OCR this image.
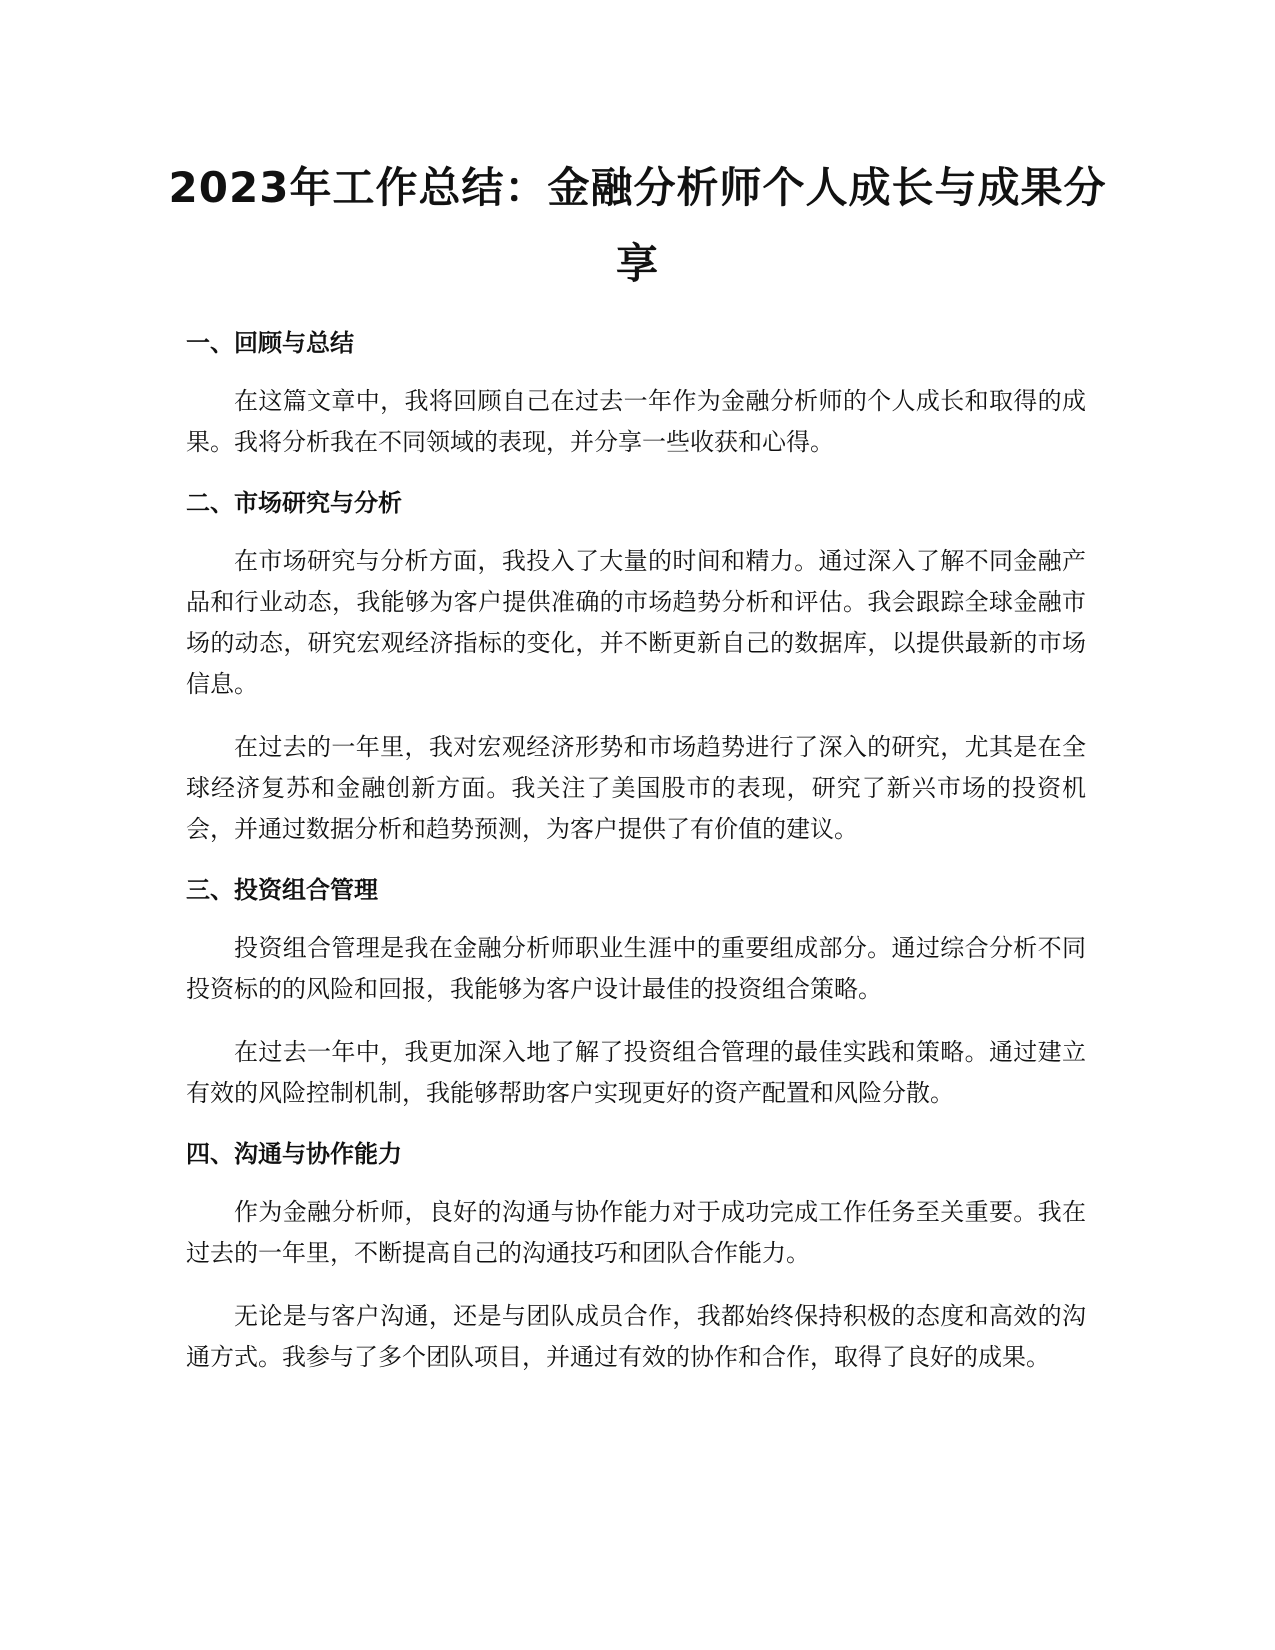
2023年工作总结：金融分析师个人成长与成果分享
一、回顾与总结

在这篇文章中，我将回顾自己在过去一年作为金融分析师的个人成长和取得的成果。我将分析我在不同领域的表现，并分享一些收获和心得。

二、市场研究与分析

在市场研究与分析方面，我投入了大量的时间和精力。通过深入了解不同金融产品和行业动态，我能够为客户提供准确的市场趋势分析和评估。我会跟踪全球金融市场的动态，研究宏观经济指标的变化，并不断更新自己的数据库，以提供最新的市场信息。

在过去的一年里，我对宏观经济形势和市场趋势进行了深入的研究，尤其是在全球经济复苏和金融创新方面。我关注了美国股市的表现，研究了新兴市场的投资机会，并通过数据分析和趋势预测，为客户提供了有价值的建议。

三、投资组合管理

投资组合管理是我在金融分析师职业生涯中的重要组成部分。通过综合分析不同投资标的的风险和回报，我能够为客户设计最佳的投资组合策略。

在过去一年中，我更加深入地了解了投资组合管理的最佳实践和策略。通过建立有效的风险控制机制，我能够帮助客户实现更好的资产配置和风险分散。

四、沟通与协作能力

作为金融分析师，良好的沟通与协作能力对于成功完成工作任务至关重要。我在过去的一年里，不断提高自己的沟通技巧和团队合作能力。

无论是与客户沟通，还是与团队成员合作，我都始终保持积极的态度和高效的沟通方式。我参与了多个团队项目，并通过有效的协作和合作，取得了良好的成果。
